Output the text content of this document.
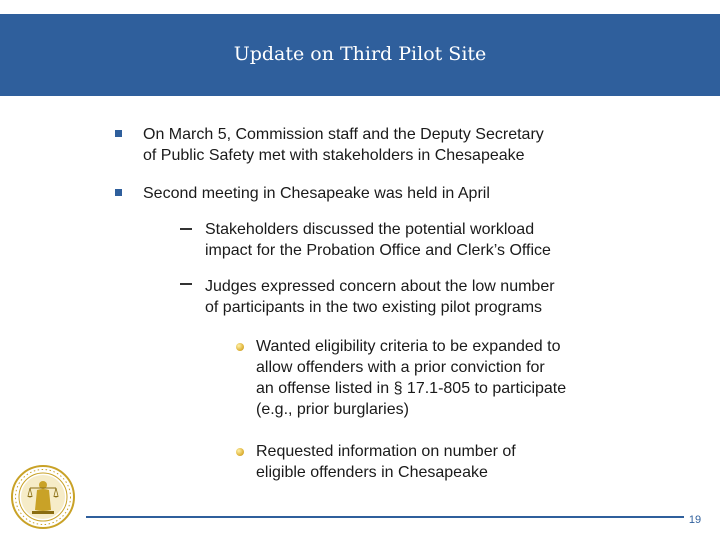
Update on Third Pilot Site
On March 5, Commission staff and the Deputy Secretary
of Public Safety met with stakeholders in Chesapeake
Second meeting in Chesapeake was held in April
Stakeholders discussed the potential workload
impact for the Probation Office and Clerk’s Office
Judges expressed concern about the low number
of participants in the two existing pilot programs
Wanted eligibility criteria to be expanded to
allow offenders with a prior conviction for
an offense listed in § 17.1-805 to participate
(e.g., prior burglaries)
Requested information on number of
eligible offenders in Chesapeake
19
